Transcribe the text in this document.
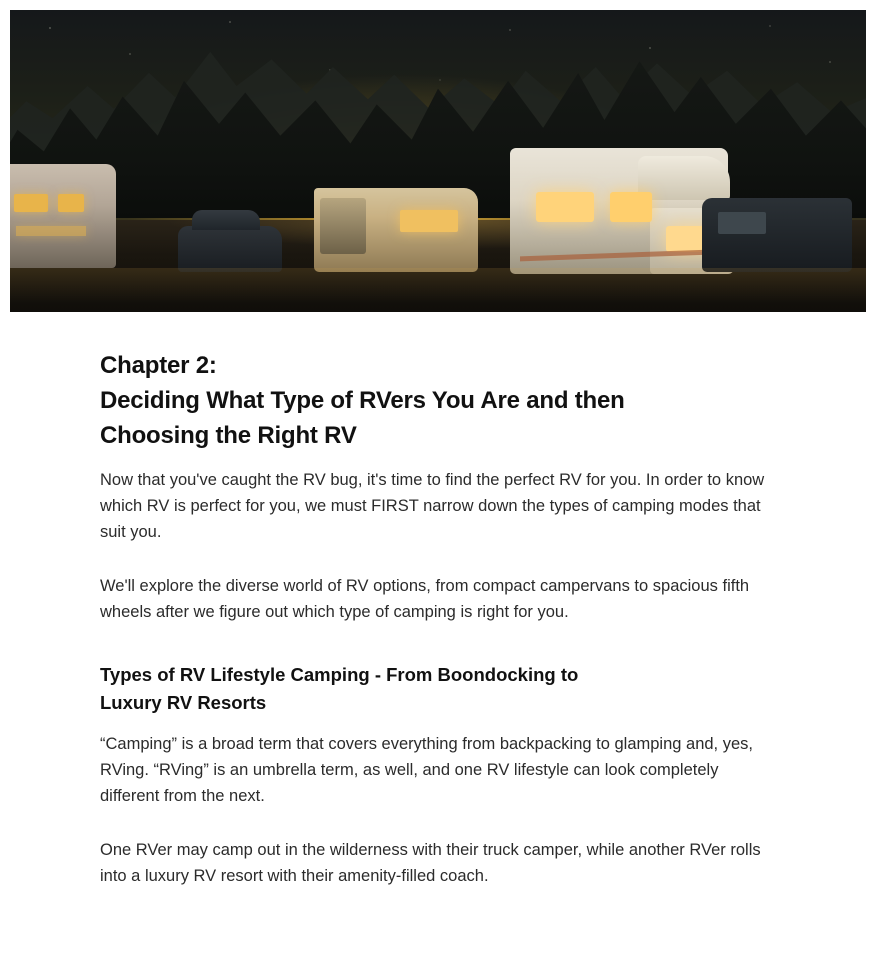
Chapter 2:
Deciding What Type of RVers You Are and then
Choosing the Right RV

Now that you've caught the RV bug, it's time to find the perfect RV for you. In order to know which RV is perfect for you, we must FIRST narrow down the types of camping modes that suit you.

We'll explore the diverse world of RV options, from compact campervans to spacious fifth wheels after we figure out which type of camping is right for you.

Types of RV Lifestyle Camping - From Boondocking to
Luxury RV Resorts

“Camping” is a broad term that covers everything from backpacking to glamping and, yes, RVing. “RVing” is an umbrella term, as well, and one RV lifestyle can look completely different from the next.

One RVer may camp out in the wilderness with their truck camper, while another RVer rolls into a luxury RV resort with their amenity-filled coach.
